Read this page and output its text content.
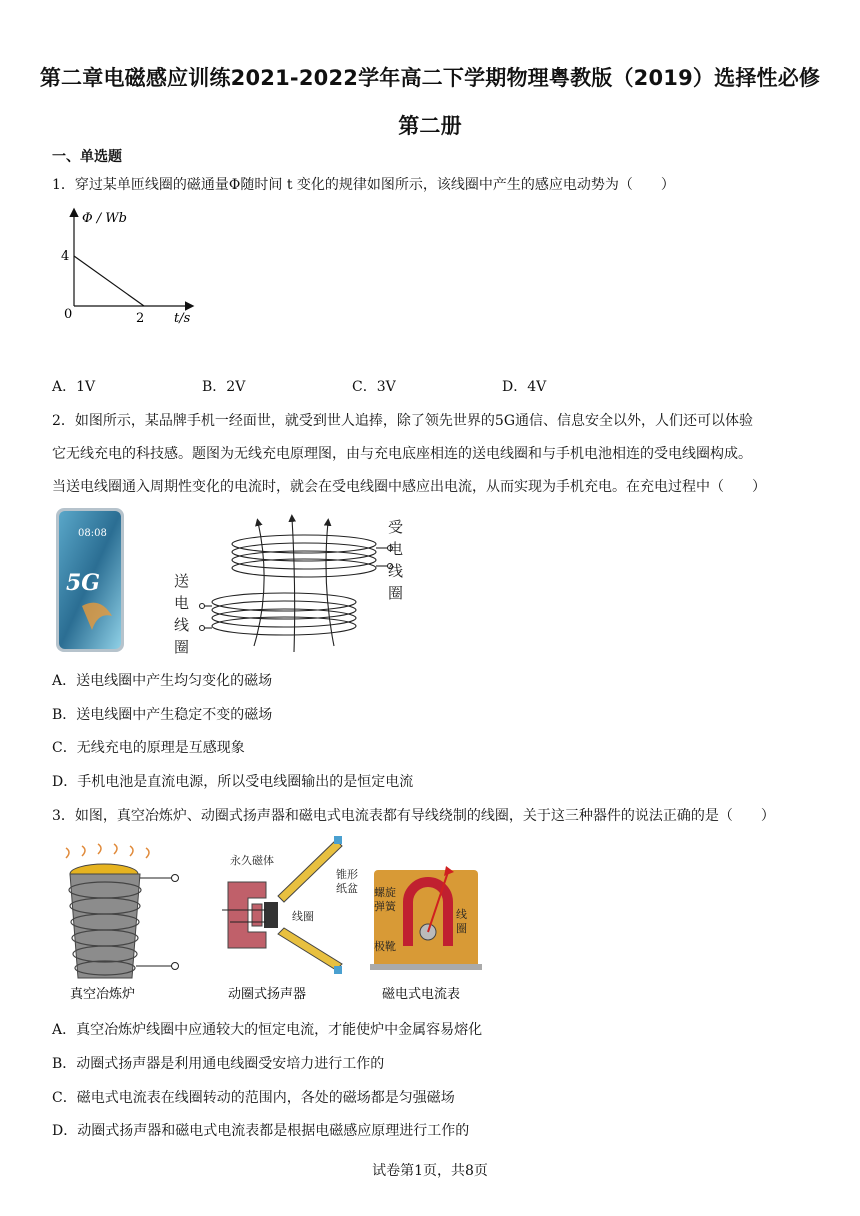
第二章电磁感应训练2021-2022学年高二下学期物理粤教版（2019）选择性必修
第二册
一、单选题
1．穿过某单匝线圈的磁通量Φ随时间 t 变化的规律如图所示，该线圈中产生的感应电动势为（　　）
Φ / Wb
4
0	2 t/s
A．1V	B．2V	C．3V	D．4V
2．如图所示，某品牌手机一经面世，就受到世人追捧，除了领先世界的5G通信、信息安全以外，人们还可以体验
它无线充电的科技感。题图为无线充电原理图，由与充电底座相连的送电线圈和与手机电池相连的受电线圈构成。
当送电线圈通入周期性变化的电流时，就会在受电线圈中感应出电流，从而实现为手机充电。在充电过程中（　　）
08:08
5G
受
电
线
圈
送
电
线
圈
A．送电线圈中产生均匀变化的磁场
B．送电线圈中产生稳定不变的磁场
C．无线充电的原理是互感现象
D．手机电池是直流电源，所以受电线圈输出的是恒定电流
3．如图，真空冶炼炉、动圈式扬声器和磁电式电流表都有导线绕制的线圈，关于这三种器件的说法正确的是（　　）
真空冶炼炉
永久磁体
锥形
纸盆
线圈
动圈式扬声器
螺旋
弹簧
线
圈
极靴
磁电式电流表
A．真空冶炼炉线圈中应通较大的恒定电流，才能使炉中金属容易熔化
B．动圈式扬声器是利用通电线圈受安培力进行工作的
C．磁电式电流表在线圈转动的范围内，各处的磁场都是匀强磁场
D．动圈式扬声器和磁电式电流表都是根据电磁感应原理进行工作的
试卷第1页，共8页
